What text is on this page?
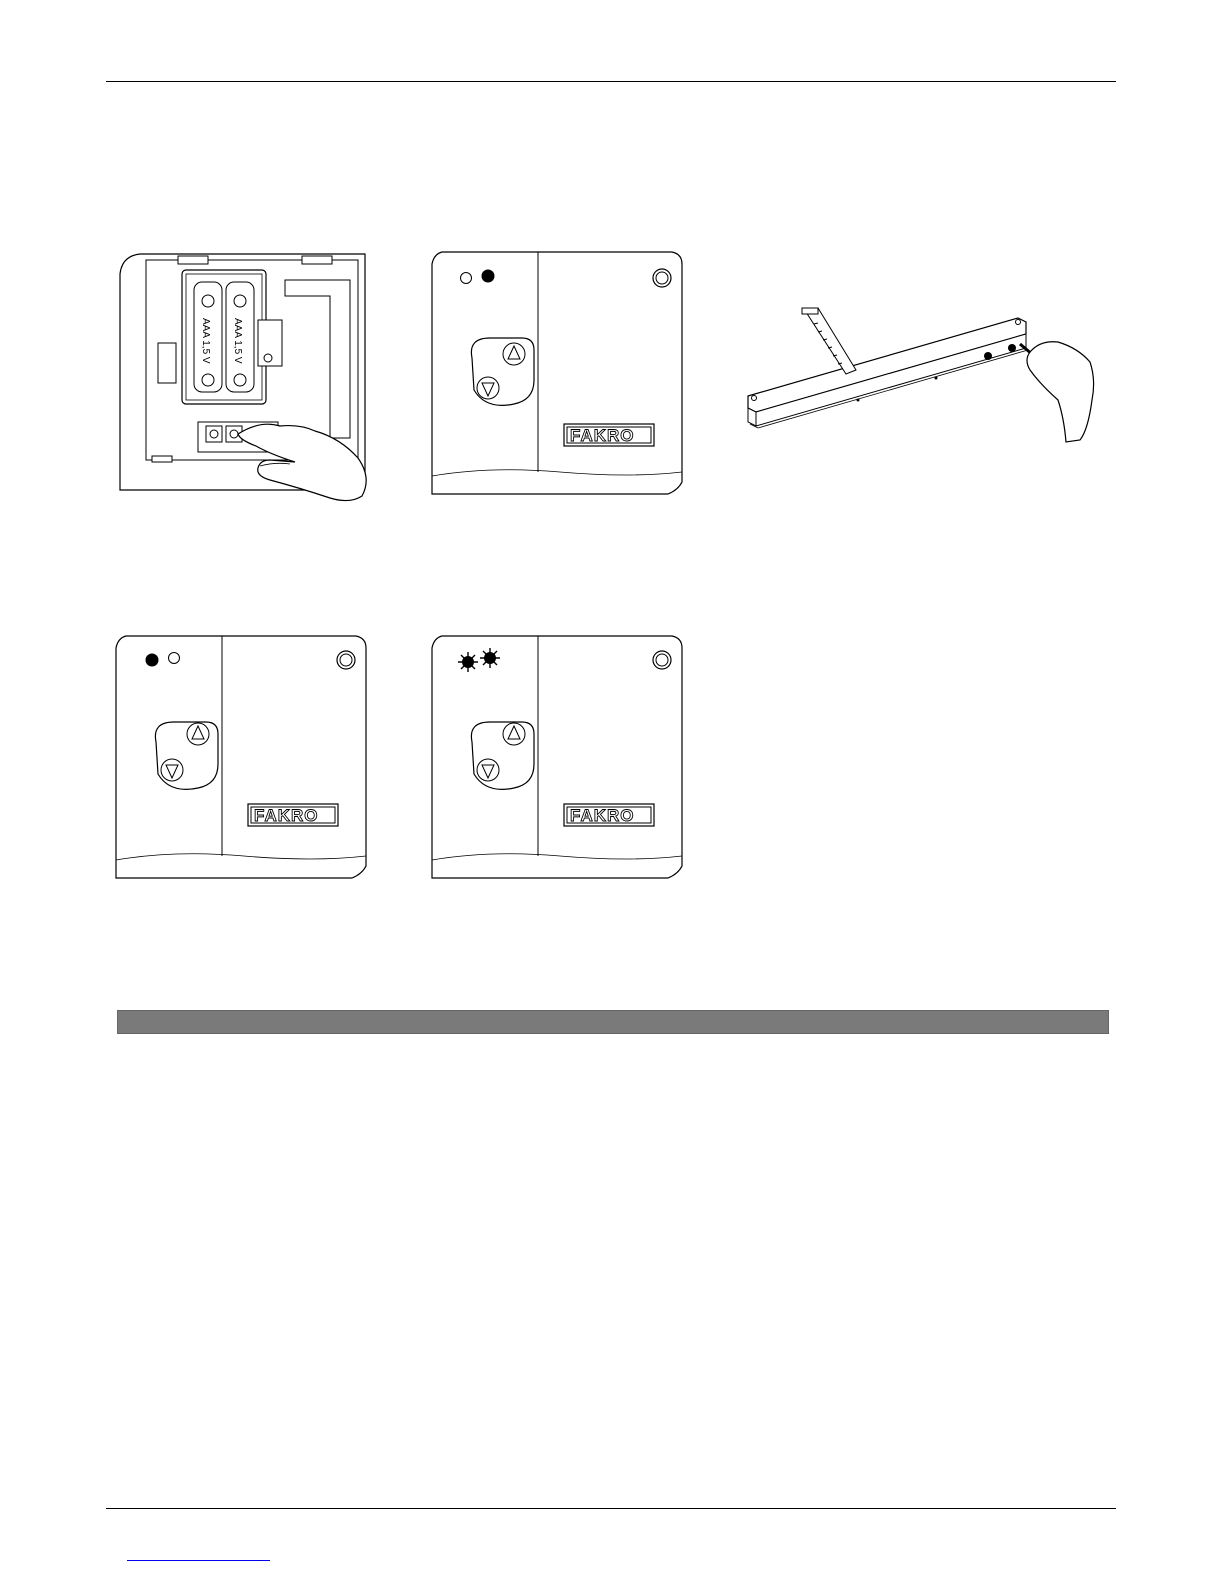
AAA 1,5 V AAA 1,5 V
FAKRO
FAKRO	FAKRO
